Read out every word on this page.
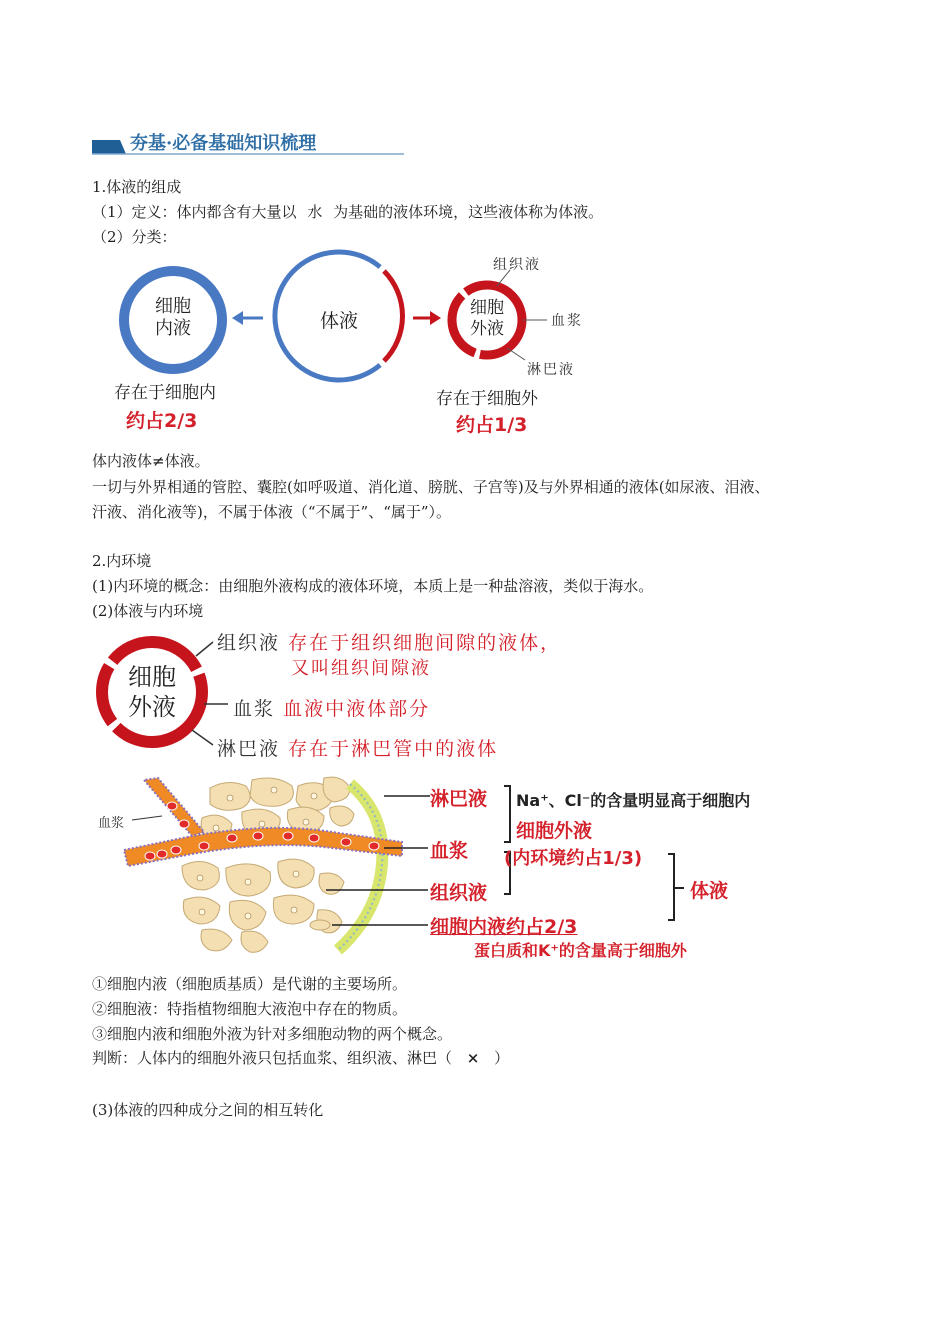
夯基·必备基础知识梳理
1.体液的组成
（1）定义：体内都含有大量以 水 为基础的液体环境，这些液体称为体液。
（2）分类：
细胞
内液	体液
细胞
外液
组织液
血浆
淋巴液
存在于细胞内
约占2/3
存在于细胞外
约占1/3
体内液体≠体液。
一切与外界相通的管腔、囊腔(如呼吸道、消化道、膀胱、子宫等)及与外界相通的液体(如尿液、泪液、
汗液、消化液等)，不属于体液（“不属于”、“属于”）。
2.内环境
(1)内环境的概念：由细胞外液构成的液体环境，本质上是一种盐溶液，类似于海水。
(2)体液与内环境
细胞
外液
组织液 存在于组织细胞间隙的液体，
又叫组织间隙液
血浆 血液中液体部分
淋巴液 存在于淋巴管中的液体
血浆
淋巴液
血浆
组织液
细胞内液约占2/3
Na⁺、Cl⁻的含量明显高于细胞内
细胞外液
(内环境约占1/3)
体液
蛋白质和K⁺的含量高于细胞外
①细胞内液（细胞质基质）是代谢的主要场所。
②细胞液：特指植物细胞大液泡中存在的物质。
③细胞内液和细胞外液为针对多细胞动物的两个概念。
判断：人体内的细胞外液只包括血浆、组织液、淋巴（ × ）
(3)体液的四种成分之间的相互转化
